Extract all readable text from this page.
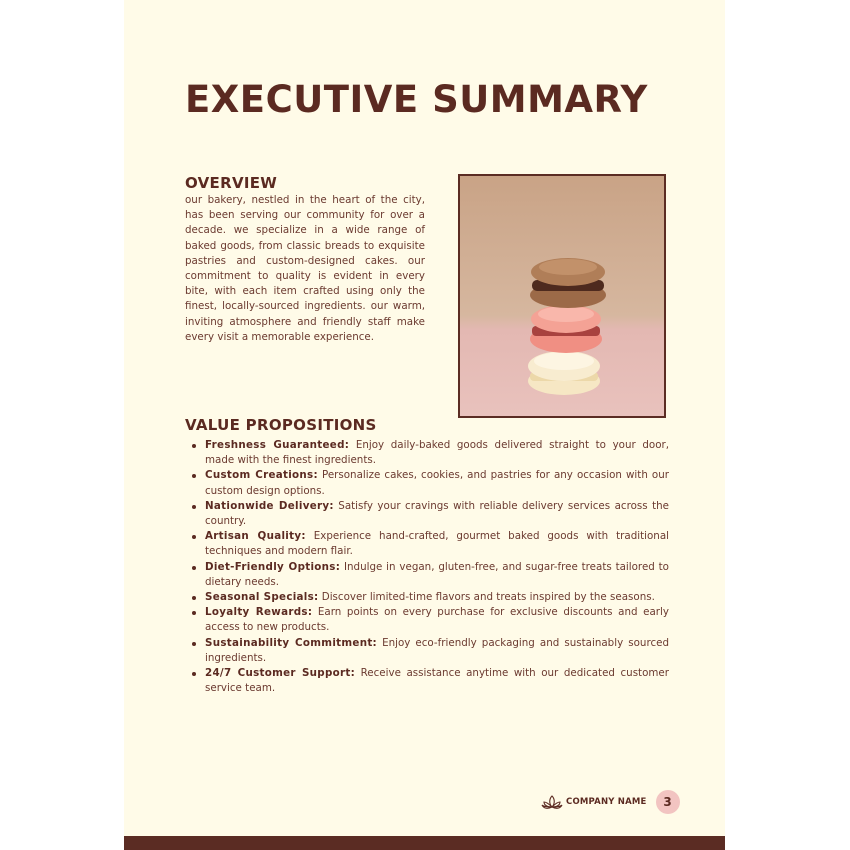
EXECUTIVE SUMMARY
OVERVIEW

our bakery, nestled in the heart of the city, has been serving our community for over a decade. we specialize in a wide range of baked goods, from classic breads to exquisite pastries and custom-designed cakes. our commitment to quality is evident in every bite, with each item crafted using only the finest, locally-sourced ingredients. our warm, inviting atmosphere and friendly staff make every visit a memorable experience.

VALUE PROPOSITIONS
Freshness Guaranteed: Enjoy daily-baked goods delivered straight to your door, made with the finest ingredients.
Custom Creations: Personalize cakes, cookies, and pastries for any occasion with our custom design options.
Nationwide Delivery: Satisfy your cravings with reliable delivery services across the country.
Artisan Quality: Experience hand-crafted, gourmet baked goods with traditional techniques and modern flair.
Diet-Friendly Options: Indulge in vegan, gluten-free, and sugar-free treats tailored to dietary needs.
Seasonal Specials: Discover limited-time flavors and treats inspired by the seasons.
Loyalty Rewards: Earn points on every purchase for exclusive discounts and early access to new products.
Sustainability Commitment: Enjoy eco-friendly packaging and sustainably sourced ingredients.
24/7 Customer Support: Receive assistance anytime with our dedicated customer service team.
COMPANY NAME	3
